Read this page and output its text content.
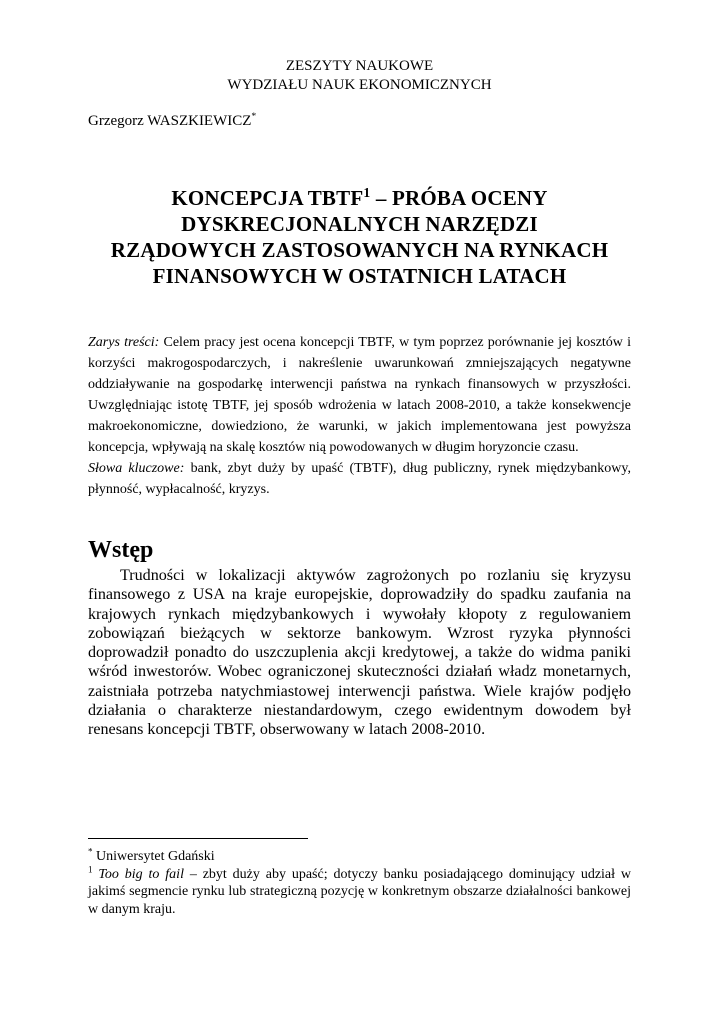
ZESZYTY NAUKOWE
WYDZIAŁU NAUK EKONOMICZNYCH
Grzegorz WASZKIEWICZ*
KONCEPCJA TBTF$^1$ – PRÓBA OCENY
DYSKRECJONALNYCH NARZĘDZI
RZĄDOWYCH ZASTOSOWANYCH NA RYNKACH
FINANSOWYCH W OSTATNICH LATACH

Zarys treści: Celem pracy jest ocena koncepcji TBTF, w tym poprzez porównanie jej kosztów i korzyści makrogospodarczych, i nakreślenie uwarunkowań zmniejszających negatywne oddziaływanie na gospodarkę interwencji państwa na rynkach finansowych w przyszłości. Uwzględniając istotę TBTF, jej sposób wdrożenia w latach 2008-2010, a także konsekwencje makroekonomiczne, dowiedziono, że warunki, w jakich implementowana jest powyższa koncepcja, wpływają na skalę kosztów nią powodowanych w długim horyzoncie czasu.

Słowa kluczowe: bank, zbyt duży by upaść (TBTF), dług publiczny, rynek międzybankowy, płynność, wypłacalność, kryzys.

Wstęp

Trudności w lokalizacji aktywów zagrożonych po rozlaniu się kryzysu finansowego z USA na kraje europejskie, doprowadziły do spadku zaufania na krajowych rynkach międzybankowych i wywołały kłopoty z regulowaniem zobowiązań bieżących w sektorze bankowym. Wzrost ryzyka płynności doprowadził ponadto do uszczuplenia akcji kredytowej, a także do widma paniki wśród inwestorów. Wobec ograniczonej skuteczności działań władz monetarnych, zaistniała potrzeba natychmiastowej interwencji państwa. Wiele krajów podjęło działania o charakterze niestandardowym, czego ewidentnym dowodem był renesans koncepcji TBTF, obserwowany w latach 2008-2010.

* Uniwersytet Gdański

$^1$ Too big to fail – zbyt duży aby upaść; dotyczy banku posiadającego dominujący udział w jakimś segmencie rynku lub strategiczną pozycję w konkretnym obszarze działalności bankowej w danym kraju.
